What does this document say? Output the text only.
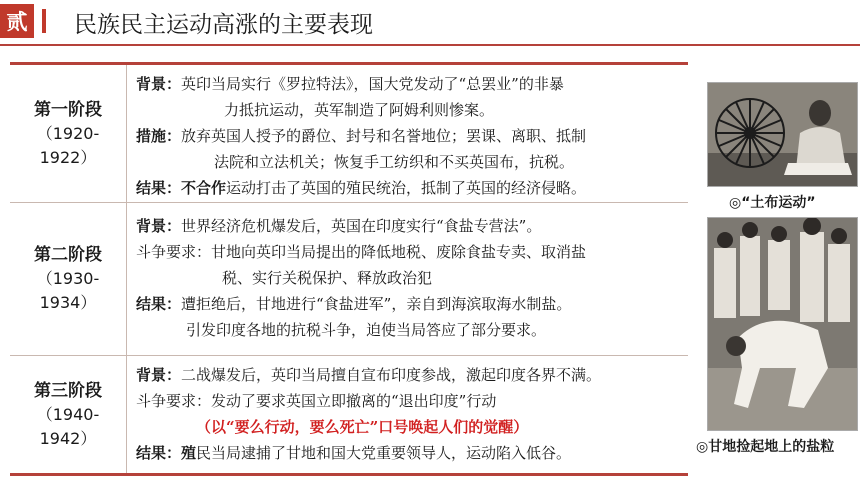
贰 民族民主运动高涨的主要表现
第一阶段
（1920-
1922）
背景：英印当局实行《罗拉特法》，国大党发动了“总罢业”的非暴
力抵抗运动，英军制造了阿姆利则惨案。
措施：放弃英国人授予的爵位、封号和名誉地位；罢课、离职、抵制
法院和立法机关；恢复手工纺织和不买英国布，抗税。
结果：不合作运动打击了英国的殖民统治，抵制了英国的经济侵略。
第二阶段
（1930-
1934）
背景：世界经济危机爆发后，英国在印度实行“食盐专营法”。
斗争要求：甘地向英印当局提出的降低地税、废除食盐专卖、取消盐
税、实行关税保护、释放政治犯
结果：遭拒绝后，甘地进行“食盐进军”，亲自到海滨取海水制盐。
引发印度各地的抗税斗争，迫使当局答应了部分要求。
第三阶段
（1940-
1942）
背景：二战爆发后，英印当局擅自宣布印度参战，激起印度各界不满。
斗争要求：发动了要求英国立即撤离的“退出印度”行动
（以“要么行动，要么死亡”口号唤起人们的觉醒）
结果：殖民当局逮捕了甘地和国大党重要领导人，运动陷入低谷。
◎“土布运动”
◎甘地捡起地上的盐粒
